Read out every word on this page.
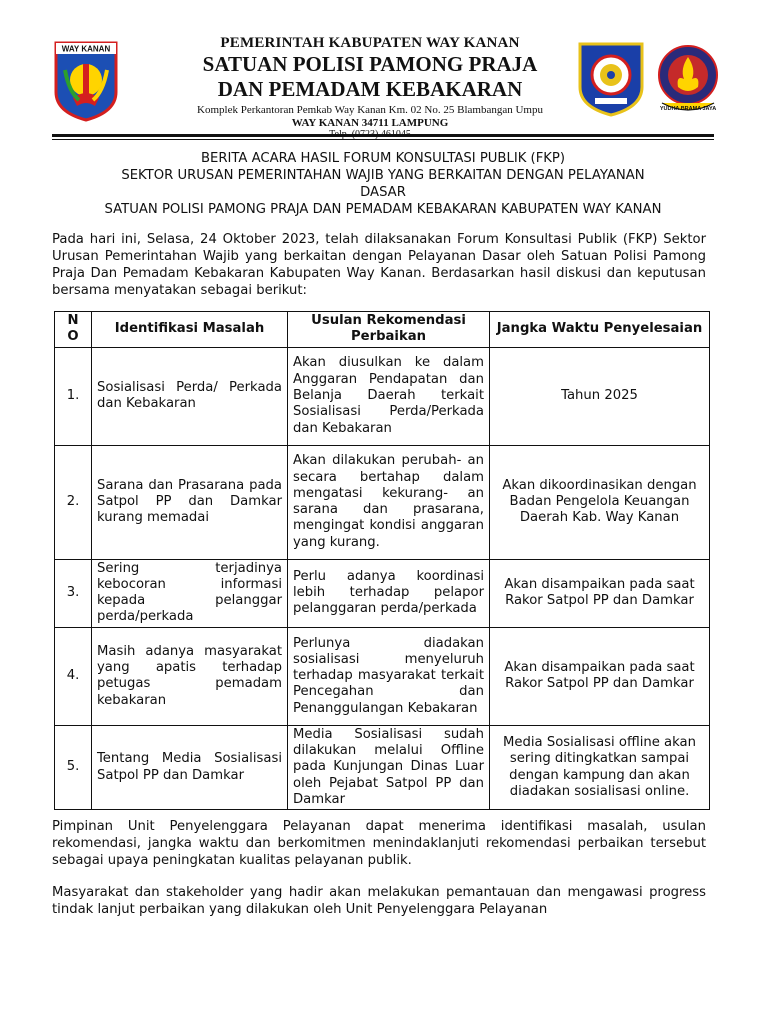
WAY KANAN
YUDHA BRAMA JAYA
PEMERINTAH KABUPATEN WAY KANAN
SATUAN POLISI PAMONG PRAJA
DAN PEMADAM KEBAKARAN
Komplek Perkantoran Pemkab Way Kanan Km. 02 No. 25 Blambangan Umpu
WAY KANAN 34711 LAMPUNG
BERITA ACARA HASIL FORUM KONSULTASI PUBLIK (FKP)
SEKTOR URUSAN PEMERINTAHAN WAJIB YANG BERKAITAN DENGAN PELAYANAN
DASAR
SATUAN POLISI PAMONG PRAJA DAN PEMADAM KEBAKARAN KABUPATEN WAY KANAN
Pada hari ini, Selasa, 24 Oktober 2023, telah dilaksanakan Forum Konsultasi Publik (FKP) Sektor Urusan Pemerintahan Wajib yang berkaitan dengan Pelayanan Dasar oleh Satuan Polisi Pamong Praja Dan Pemadam Kebakaran Kabupaten Way Kanan. Berdasarkan hasil diskusi dan keputusan bersama menyatakan sebagai berikut:
N O	Identifikasi Masalah	Usulan Rekomendasi Perbaikan	Jangka Waktu Penyelesaian
1.	Sosialisasi Perda/ Perkada dan Kebakaran	Akan diusulkan ke dalam Anggaran Pendapatan dan Belanja Daerah terkait Sosialisasi Perda/Perkada dan Kebakaran	Tahun 2025
2.	Sarana dan Prasarana pada Satpol PP dan Damkar kurang memadai	Akan dilakukan perubah- an secara bertahap dalam mengatasi kekurang- an sarana dan prasarana, mengingat kondisi anggaran yang kurang.	Akan dikoordinasikan dengan Badan Pengelola Keuangan Daerah Kab. Way Kanan
3.	Sering terjadinya kebocoran informasi kepada pelanggar perda/perkada	Perlu adanya koordinasi lebih terhadap pelapor pelanggaran perda/perkada	Akan disampaikan pada saat Rakor Satpol PP dan Damkar
4.	Masih adanya masyarakat yang apatis terhadap petugas pemadam kebakaran	Perlunya diadakan sosialisasi menyeluruh terhadap masyarakat terkait Pencegahan dan Penanggulangan Kebakaran	Akan disampaikan pada saat Rakor Satpol PP dan Damkar
5.	Tentang Media Sosialisasi Satpol PP dan Damkar	Media Sosialisasi sudah dilakukan melalui Offline pada Kunjungan Dinas Luar oleh Pejabat Satpol PP dan Damkar	Media Sosialisasi offline akan sering ditingkatkan sampai dengan kampung dan akan diadakan sosialisasi online.
Pimpinan Unit Penyelenggara Pelayanan dapat menerima identifikasi masalah, usulan rekomendasi, jangka waktu dan berkomitmen menindaklanjuti rekomendasi perbaikan tersebut sebagai upaya peningkatan kualitas pelayanan publik.
Masyarakat dan stakeholder yang hadir akan melakukan pemantauan dan mengawasi progress tindak lanjut perbaikan yang dilakukan oleh Unit Penyelenggara Pelayanan
